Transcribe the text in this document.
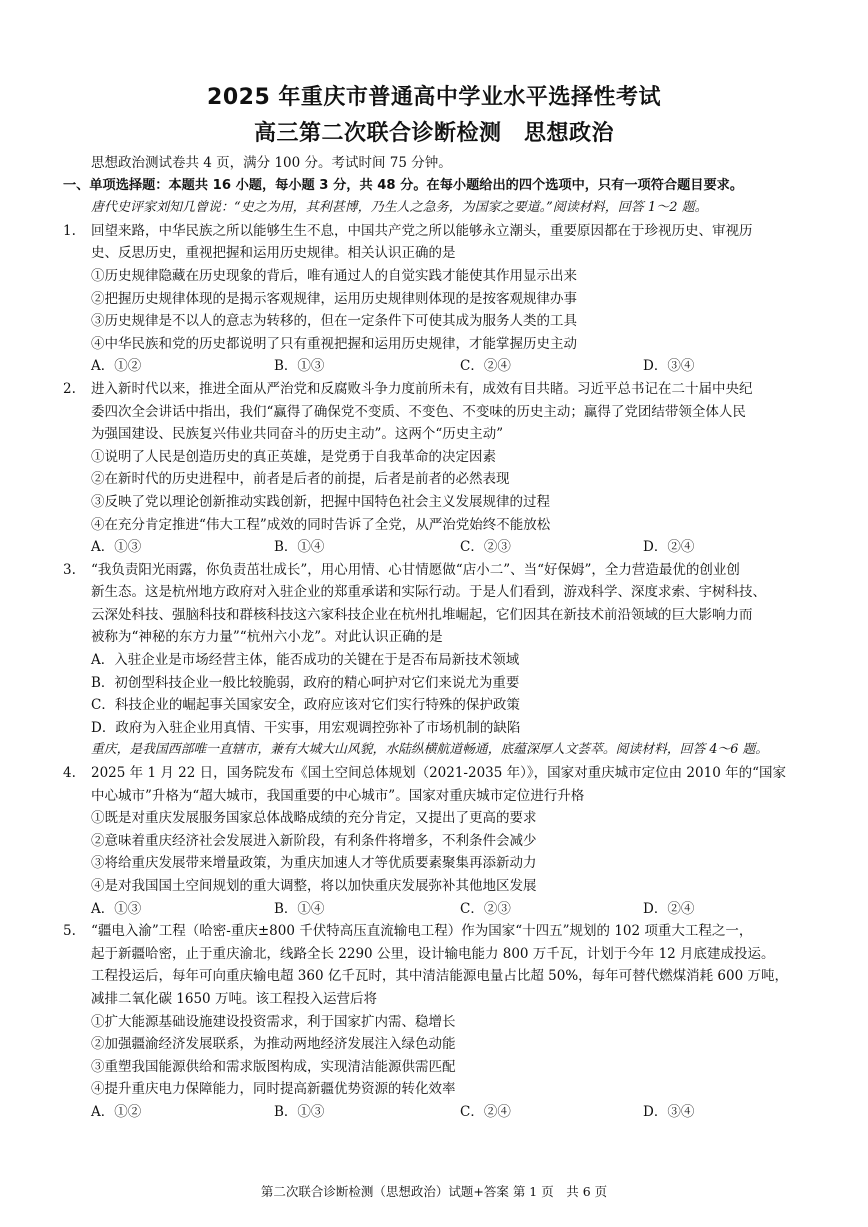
2025 年重庆市普通高中学业水平选择性考试
高三第二次联合诊断检测　思想政治
思想政治测试卷共 4 页，满分 100 分。考试时间 75 分钟。
一、单项选择题：本题共 16 小题，每小题 3 分，共 48 分。在每小题给出的四个选项中，只有一项符合题目要求。
唐代史评家刘知几曾说：“史之为用，其利甚博，乃生人之急务，为国家之要道。”阅读材料，回答 1～2 题。
1. 回望来路，中华民族之所以能够生生不息，中国共产党之所以能够永立潮头，重要原因都在于珍视历史、审视历
史、反思历史，重视把握和运用历史规律。相关认识正确的是
①历史规律隐藏在历史现象的背后，唯有通过人的自觉实践才能使其作用显示出来
②把握历史规律体现的是揭示客观规律，运用历史规律则体现的是按客观规律办事
③历史规律是不以人的意志为转移的，但在一定条件下可使其成为服务人类的工具
④中华民族和党的历史都说明了只有重视把握和运用历史规律，才能掌握历史主动
A．①②	B．①③	C．②④	D．③④
2. 进入新时代以来，推进全面从严治党和反腐败斗争力度前所未有，成效有目共睹。习近平总书记在二十届中央纪
委四次全会讲话中指出，我们“赢得了确保党不变质、不变色、不变味的历史主动；赢得了党团结带领全体人民
为强国建设、民族复兴伟业共同奋斗的历史主动”。这两个“历史主动”
①说明了人民是创造历史的真正英雄，是党勇于自我革命的决定因素
②在新时代的历史进程中，前者是后者的前提，后者是前者的必然表现
③反映了党以理论创新推动实践创新，把握中国特色社会主义发展规律的过程
④在充分肯定推进“伟大工程”成效的同时告诉了全党，从严治党始终不能放松
A．①③	B．①④	C．②③	D．②④
3. “我负责阳光雨露，你负责茁壮成长”，用心用情、心甘情愿做“店小二”、当“好保姆”，全力营造最优的创业创
新生态。这是杭州地方政府对入驻企业的郑重承诺和实际行动。于是人们看到，游戏科学、深度求索、宇树科技、
云深处科技、强脑科技和群核科技这六家科技企业在杭州扎堆崛起，它们因其在新技术前沿领域的巨大影响力而
被称为“神秘的东方力量”“杭州六小龙”。对此认识正确的是
A．入驻企业是市场经营主体，能否成功的关键在于是否布局新技术领域
B．初创型科技企业一般比较脆弱，政府的精心呵护对它们来说尤为重要
C．科技企业的崛起事关国家安全，政府应该对它们实行特殊的保护政策
D．政府为入驻企业用真情、干实事，用宏观调控弥补了市场机制的缺陷
重庆，是我国西部唯一直辖市，兼有大城大山风貌，水陆纵横航道畅通，底蕴深厚人文荟萃。阅读材料，回答 4～6 题。
4. 2025 年 1 月 22 日，国务院发布《国土空间总体规划（2021-2035 年）》，国家对重庆城市定位由 2010 年的“国家
中心城市”升格为“超大城市，我国重要的中心城市”。国家对重庆城市定位进行升格
①既是对重庆发展服务国家总体战略成绩的充分肯定，又提出了更高的要求
②意味着重庆经济社会发展进入新阶段，有利条件将增多，不利条件会减少
③将给重庆发展带来增量政策，为重庆加速人才等优质要素聚集再添新动力
④是对我国国土空间规划的重大调整，将以加快重庆发展弥补其他地区发展
A．①③	B．①④	C．②③	D．②④
5. “疆电入渝”工程（哈密-重庆±800 千伏特高压直流输电工程）作为国家“十四五”规划的 102 项重大工程之一，
起于新疆哈密，止于重庆渝北，线路全长 2290 公里，设计输电能力 800 万千瓦，计划于今年 12 月底建成投运。
工程投运后，每年可向重庆输电超 360 亿千瓦时，其中清洁能源电量占比超 50%，每年可替代燃煤消耗 600 万吨，
减排二氧化碳 1650 万吨。该工程投入运营后将
①扩大能源基础设施建设投资需求，利于国家扩内需、稳增长
②加强疆渝经济发展联系，为推动两地经济发展注入绿色动能
③重塑我国能源供给和需求版图构成，实现清洁能源供需匹配
④提升重庆电力保障能力，同时提高新疆优势资源的转化效率
A．①②	B．①③	C．②④	D．③④
第二次联合诊断检测（思想政治）试题+答案 第 1 页　共 6 页
